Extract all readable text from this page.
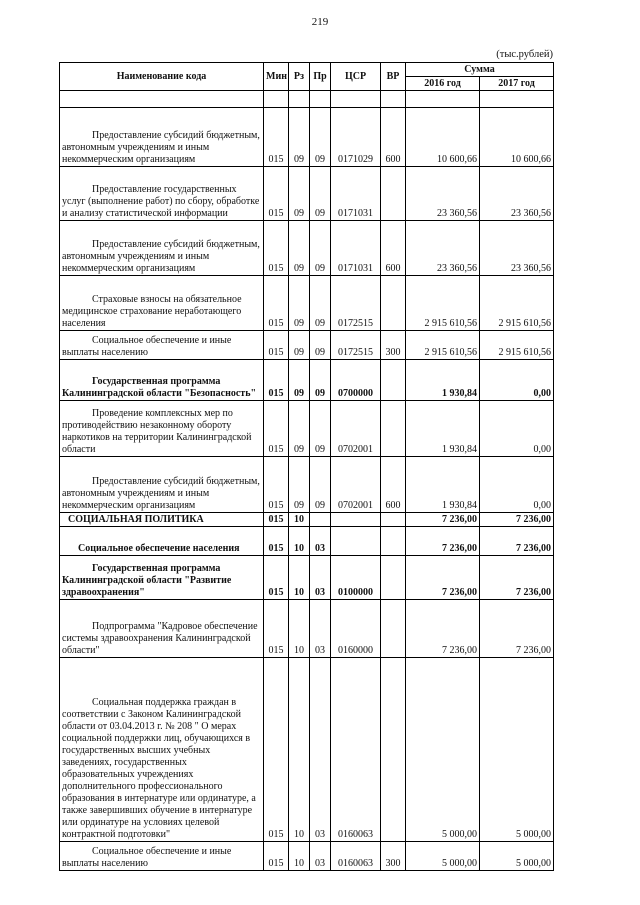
219
(тыс.рублей)
Наименование кода	Мин	Рз	Пр	ЦСР	ВР	Сумма	
						2016 год	2017 год

Предоставление субсидий бюджетным, автономным учреждениям и иным некоммерческим организациям	015	09	09	0171029	600	10 600,66	10 600,66
Предоставление государственных услуг (выполнение работ) по сбору, обработке и анализу статистической информации	015	09	09	0171031		23 360,56	23 360,56
Предоставление субсидий бюджетным, автономным учреждениям и иным некоммерческим организациям	015	09	09	0171031	600	23 360,56	23 360,56
Страховые взносы на обязательное медицинское страхование неработающего населения	015	09	09	0172515		2 915 610,56	2 915 610,56
Социальное обеспечение и иные выплаты населению	015	09	09	0172515	300	2 915 610,56	2 915 610,56
Государственная программа Калининградской области "Безопасность"	015	09	09	0700000		1 930,84	0,00
Проведение комплексных мер по противодействию незаконному обороту наркотиков на территории Калининградской области	015	09	09	0702001		1 930,84	0,00
Предоставление субсидий бюджетным, автономным учреждениям и иным некоммерческим организациям	015	09	09	0702001	600	1 930,84	0,00
СОЦИАЛЬНАЯ ПОЛИТИКА	015	10				7 236,00	7 236,00
Социальное обеспечение населения	015	10	03			7 236,00	7 236,00
Государственная программа Калининградской области "Развитие здравоохранения"	015	10	03	0100000		7 236,00	7 236,00
Подпрограмма "Кадровое обеспечение системы здравоохранения Калининградской области"	015	10	03	0160000		7 236,00	7 236,00
Социальная поддержка граждан в соответствии с Законом Калининградской области от 03.04.2013 г. № 208 " О мерах социальной поддержки лиц, обучающихся в государственных высших учебных заведениях, государственных образовательных учреждениях дополнительного профессионального образования в интернатуре или ординатуре, а также завершивших обучение в интернатуре или ординатуре на условиях целевой контрактной подготовки"	015	10	03	0160063		5 000,00	5 000,00
Социальное обеспечение и иные выплаты населению	015	10	03	0160063	300	5 000,00	5 000,00
